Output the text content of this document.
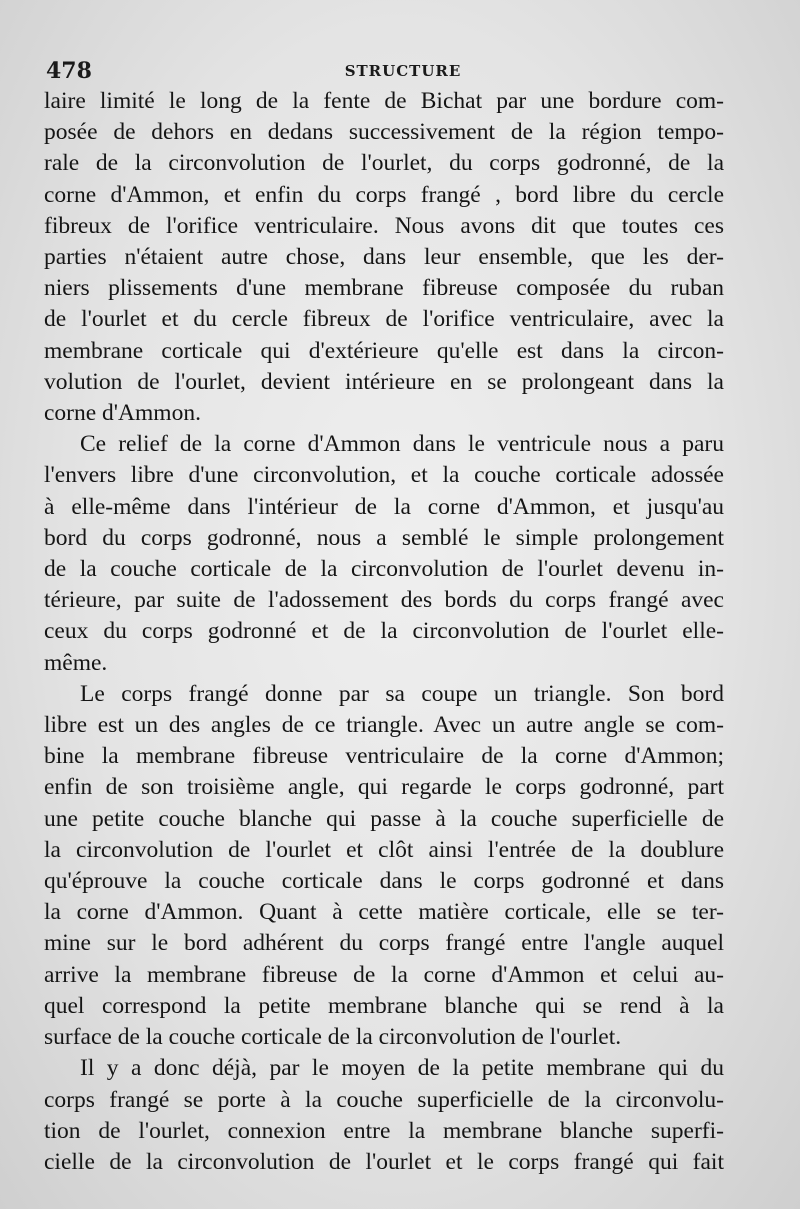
478	STRUCTURE
laire limité le long de la fente de Bichat par une bordure com-
posée de dehors en dedans successivement de la région tempo-
rale de la circonvolution de l'ourlet, du corps godronné, de la
corne d'Ammon, et enfin du corps frangé , bord libre du cercle
fibreux de l'orifice ventriculaire. Nous avons dit que toutes ces
parties n'étaient autre chose, dans leur ensemble, que les der-
niers plissements d'une membrane fibreuse composée du ruban
de l'ourlet et du cercle fibreux de l'orifice ventriculaire, avec la
membrane corticale qui d'extérieure qu'elle est dans la circon-
volution de l'ourlet, devient intérieure en se prolongeant dans la
corne d'Ammon.
Ce relief de la corne d'Ammon dans le ventricule nous a paru
l'envers libre d'une circonvolution, et la couche corticale adossée
à elle-même dans l'intérieur de la corne d'Ammon, et jusqu'au
bord du corps godronné, nous a semblé le simple prolongement
de la couche corticale de la circonvolution de l'ourlet devenu in-
térieure, par suite de l'adossement des bords du corps frangé avec
ceux du corps godronné et de la circonvolution de l'ourlet elle-
même.
Le corps frangé donne par sa coupe un triangle. Son bord
libre est un des angles de ce triangle. Avec un autre angle se com-
bine la membrane fibreuse ventriculaire de la corne d'Ammon;
enfin de son troisième angle, qui regarde le corps godronné, part
une petite couche blanche qui passe à la couche superficielle de
la circonvolution de l'ourlet et clôt ainsi l'entrée de la doublure
qu'éprouve la couche corticale dans le corps godronné et dans
la corne d'Ammon. Quant à cette matière corticale, elle se ter-
mine sur le bord adhérent du corps frangé entre l'angle auquel
arrive la membrane fibreuse de la corne d'Ammon et celui au-
quel correspond la petite membrane blanche qui se rend à la
surface de la couche corticale de la circonvolution de l'ourlet.
Il y a donc déjà, par le moyen de la petite membrane qui du
corps frangé se porte à la couche superficielle de la circonvolu-
tion de l'ourlet, connexion entre la membrane blanche superfi-
cielle de la circonvolution de l'ourlet et le corps frangé qui fait
